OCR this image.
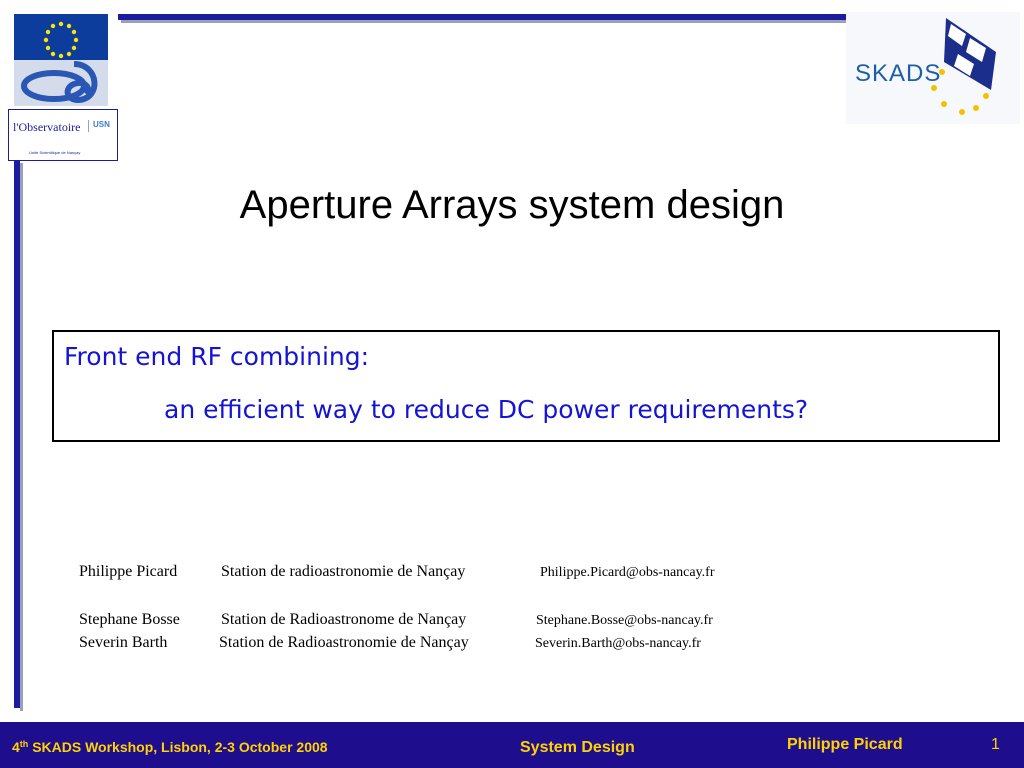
l'Observatoire USN
Unité Scientifique de Nançay
SKADS
Aperture Arrays system design
Front end RF combining:
an efficient way to reduce DC power requirements?
Philippe Picard	Station de radioastronomie de Nançay	Philippe.Picard@obs-nancay.fr
Stephane Bosse	Station de Radioastronome de Nançay	Stephane.Bosse@obs-nancay.fr
Severin Barth	Station de Radioastronomie de Nançay	Severin.Barth@obs-nancay.fr
4th SKADS Workshop, Lisbon, 2-3 October 2008	System Design	Philippe Picard	1
